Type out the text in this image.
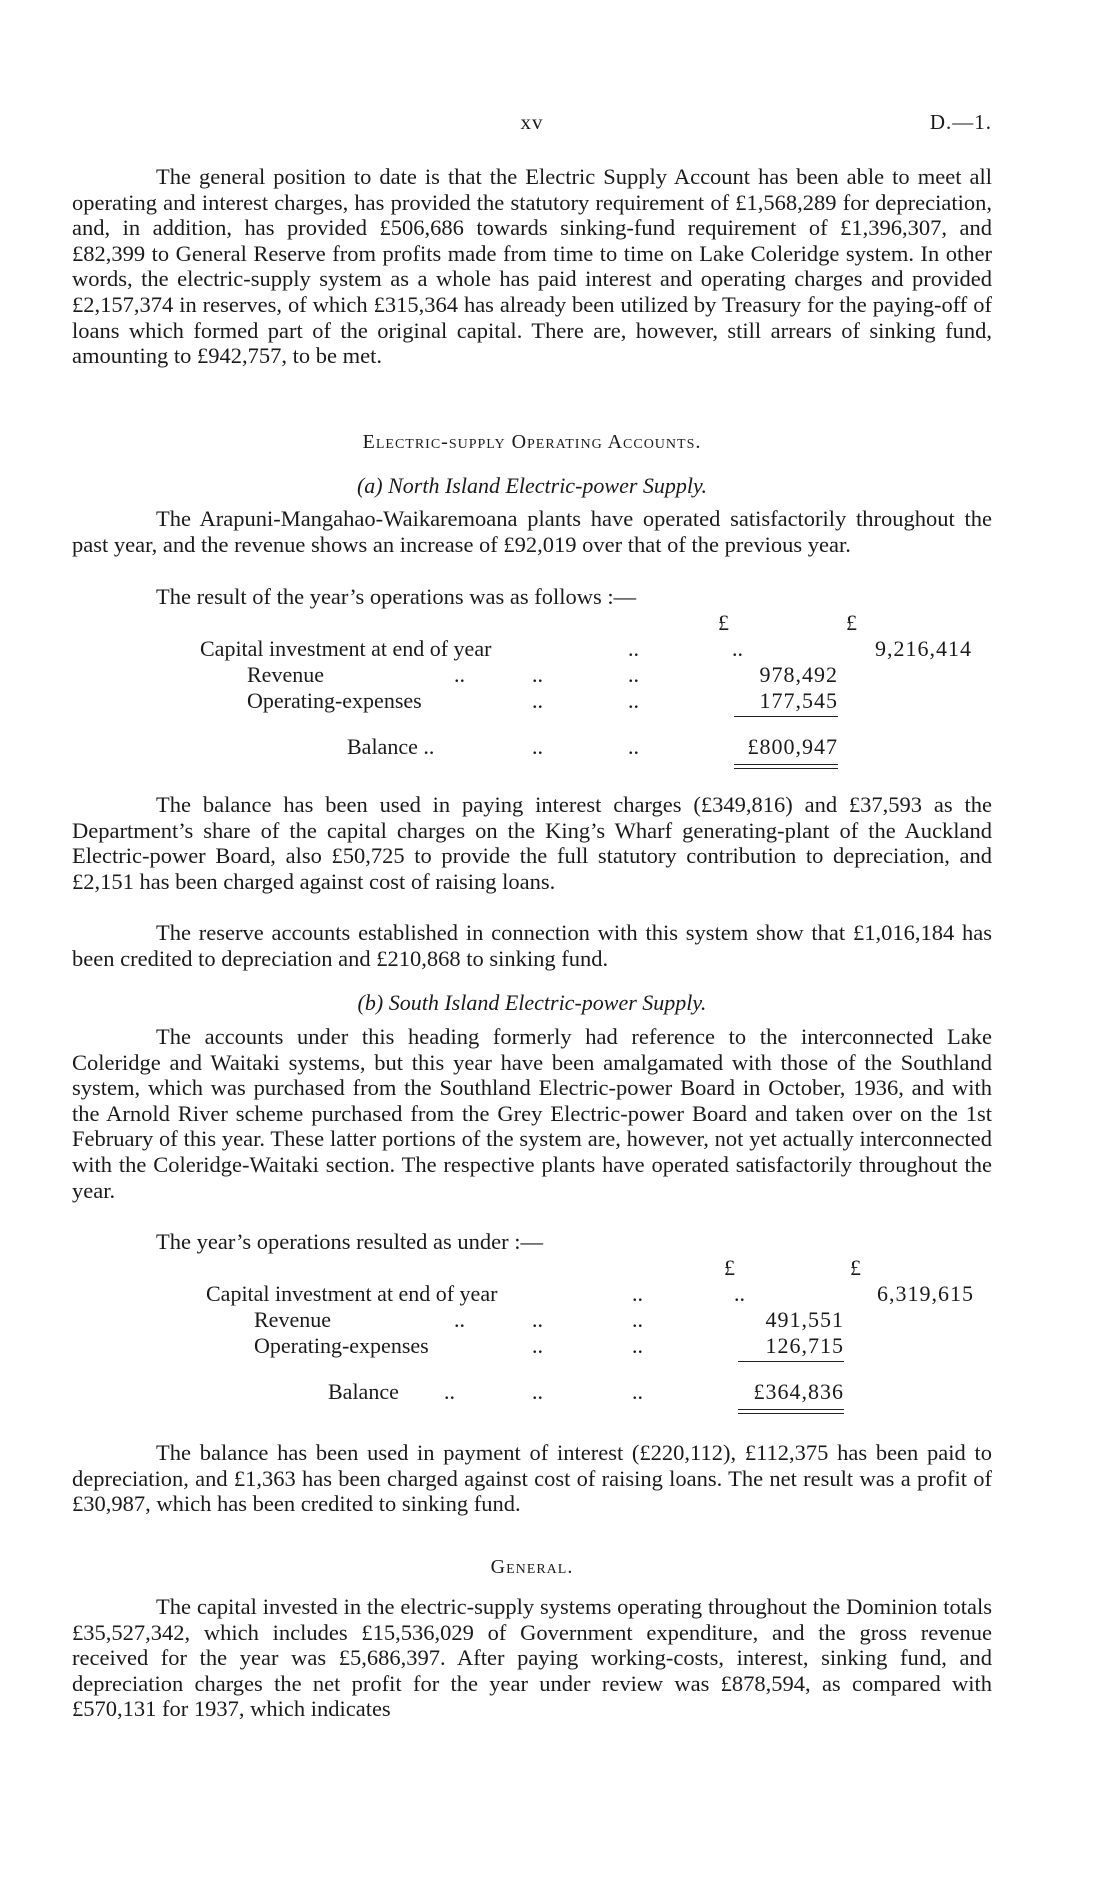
xv	D.—1.

The general position to date is that the Electric Supply Account has been able to meet all operating and interest charges, has provided the statutory requirement of £1,568,289 for depreciation, and, in addition, has provided £506,686 towards sinking-fund requirement of £1,396,307, and £82,399 to General Reserve from profits made from time to time on Lake Coleridge system. In other words, the electric-supply system as a whole has paid interest and operating charges and provided £2,157,374 in reserves, of which £315,364 has already been utilized by Treasury for the paying-off of loans which formed part of the original capital. There are, however, still arrears of sinking fund, amounting to £942,757, to be met.

Electric-supply Operating Accounts.
(a) North Island Electric-power Supply.

The Arapuni-Mangahao-Waikaremoana plants have operated satisfactorily throughout the past year, and the revenue shows an increase of £92,019 over that of the previous year.

The result of the year’s operations was as follows :—

£	£
Capital investment at end of year	..	..	9,216,414
Revenue	..	..	..	978,492
Operating-expenses	..	..	177,545
Balance ..	..	..	£800,947

The balance has been used in paying interest charges (£349,816) and £37,593 as the Department’s share of the capital charges on the King’s Wharf generating-plant of the Auckland Electric-power Board, also £50,725 to provide the full statutory contribution to depreciation, and £2,151 has been charged against cost of raising loans.

The reserve accounts established in connection with this system show that £1,016,184 has been credited to depreciation and £210,868 to sinking fund.

(b) South Island Electric-power Supply.

The accounts under this heading formerly had reference to the interconnected Lake Coleridge and Waitaki systems, but this year have been amalgamated with those of the Southland system, which was purchased from the Southland Electric-power Board in October, 1936, and with the Arnold River scheme purchased from the Grey Electric-power Board and taken over on the 1st February of this year. These latter portions of the system are, however, not yet actually interconnected with the Coleridge-Waitaki section. The respective plants have operated satisfactorily throughout the year.

The year’s operations resulted as under :—

£	£
Capital investment at end of year	..	..	6,319,615
Revenue	..	..	..	491,551
Operating-expenses	..	..	126,715
Balance ..	..	..	£364,836

The balance has been used in payment of interest (£220,112), £112,375 has been paid to depreciation, and £1,363 has been charged against cost of raising loans. The net result was a profit of £30,987, which has been credited to sinking fund.

General.

The capital invested in the electric-supply systems operating throughout the Dominion totals £35,527,342, which includes £15,536,029 of Government expenditure, and the gross revenue received for the year was £5,686,397. After paying working-costs, interest, sinking fund, and depreciation charges the net profit for the year under review was £878,594, as compared with £570,131 for 1937, which indicates
